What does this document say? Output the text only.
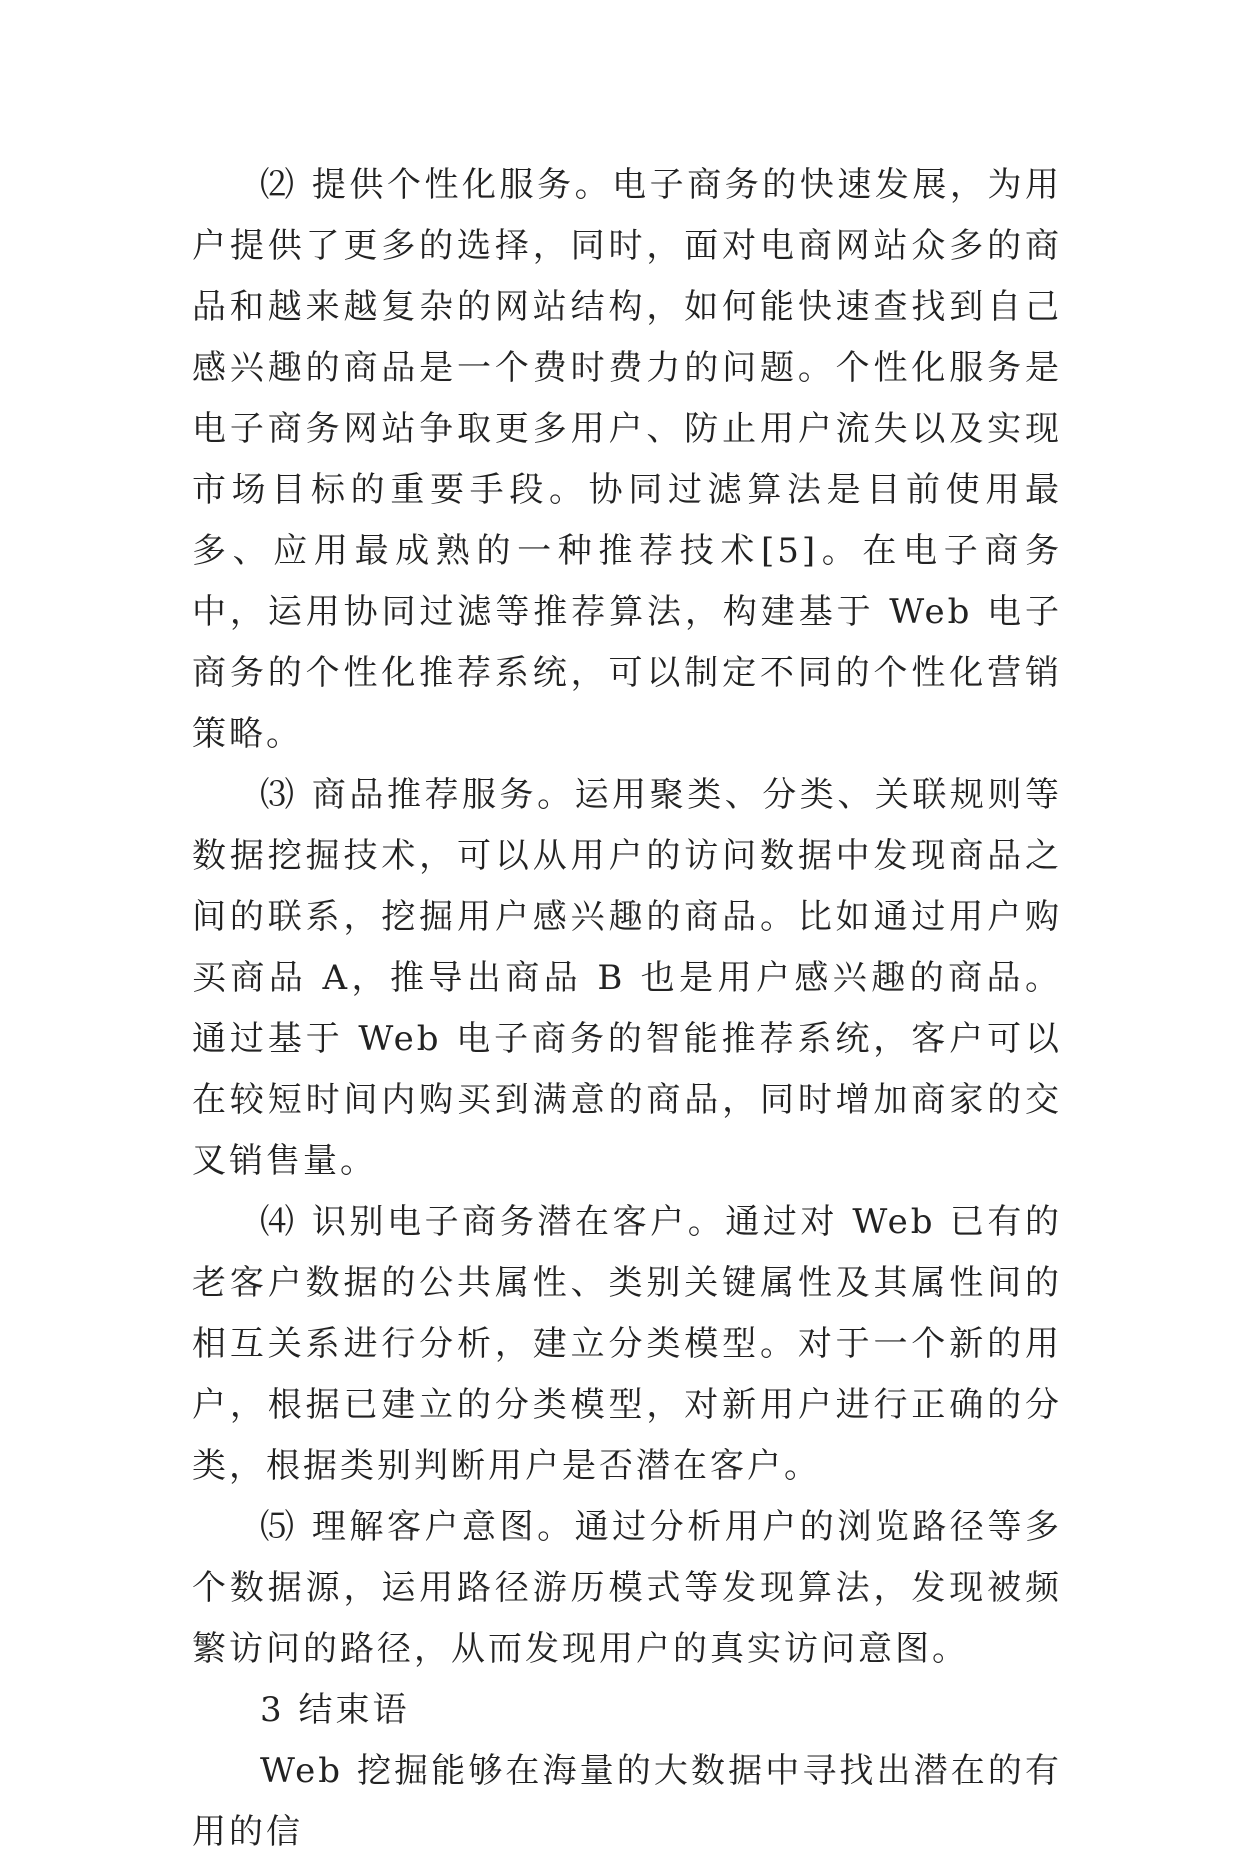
⑵ 提供个性化服务。电子商务的快速发展，为用户提供了更多的选择，同时，面对电商网站众多的商品和越来越复杂的网站结构，如何能快速查找到自己感兴趣的商品是一个费时费力的问题。个性化服务是电子商务网站争取更多用户、防止用户流失以及实现市场目标的重要手段。协同过滤算法是目前使用最多、应用最成熟的一种推荐技术[5]。在电子商务中，运用协同过滤等推荐算法，构建基于 Web 电子商务的个性化推荐系统，可以制定不同的个性化营销策略。

⑶ 商品推荐服务。运用聚类、分类、关联规则等数据挖掘技术，可以从用户的访问数据中发现商品之间的联系，挖掘用户感兴趣的商品。比如通过用户购买商品 A，推导出商品 B 也是用户感兴趣的商品。通过基于 Web 电子商务的智能推荐系统，客户可以在较短时间内购买到满意的商品，同时增加商家的交叉销售量。

⑷ 识别电子商务潜在客户。通过对 Web 已有的老客户数据的公共属性、类别关键属性及其属性间的相互关系进行分析，建立分类模型。对于一个新的用户，根据已建立的分类模型，对新用户进行正确的分类，根据类别判断用户是否潜在客户。

⑸ 理解客户意图。通过分析用户的浏览路径等多个数据源，运用路径游历模式等发现算法，发现被频繁访问的路径，从而发现用户的真实访问意图。

3 结束语

Web 挖掘能够在海量的大数据中寻找出潜在的有用的信
